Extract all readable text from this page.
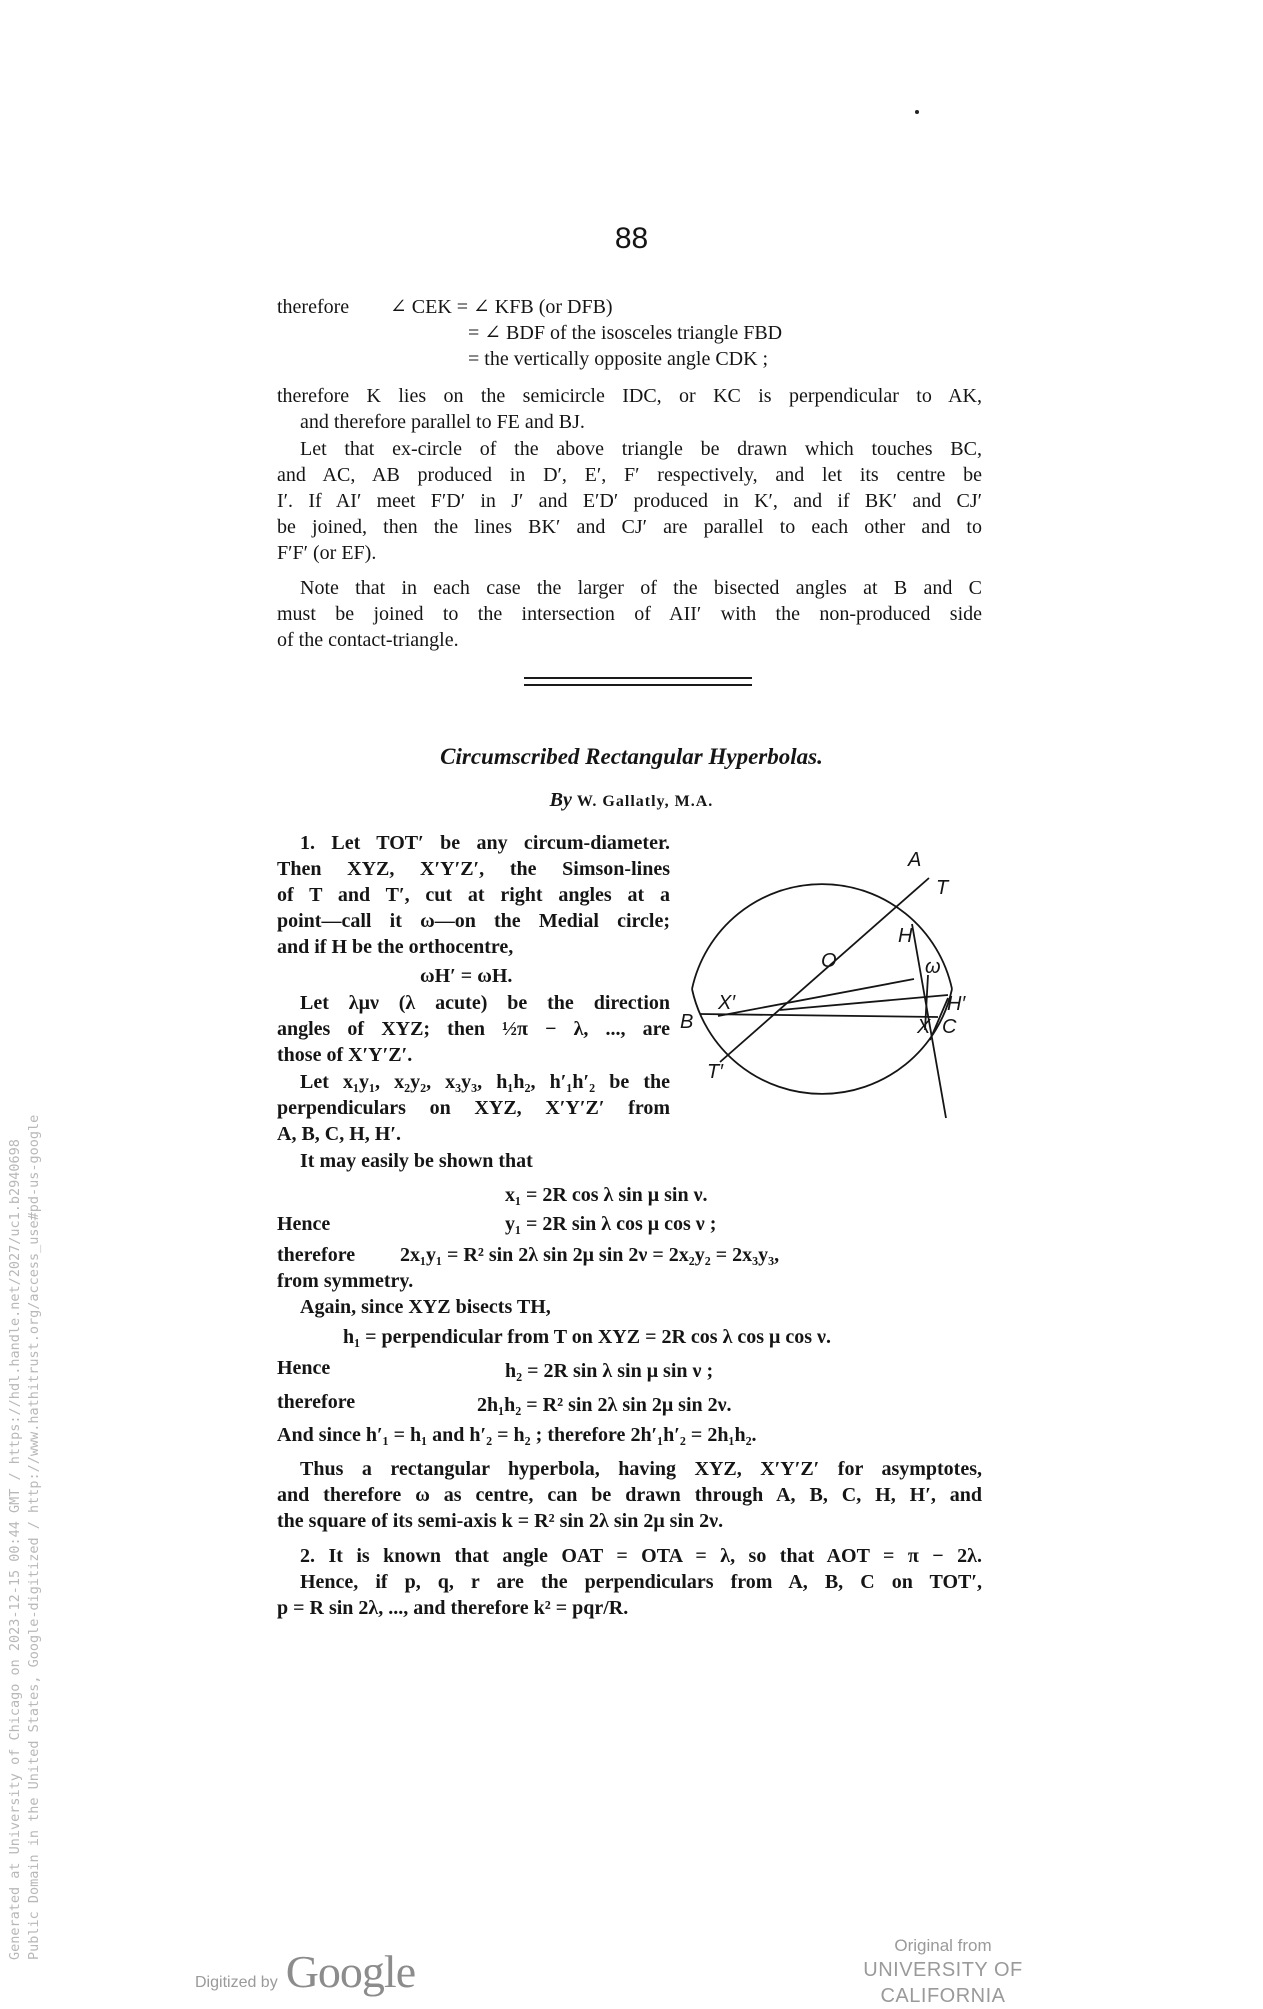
88
therefore ∠ CEK = ∠ KFB (or DFB)
= ∠ BDF of the isosceles triangle FBD
= the vertically opposite angle CDK ;
therefore K lies on the semicircle IDC, or KC is perpendicular to AK,
and therefore parallel to FE and BJ.
Let that ex-circle of the above triangle be drawn which touches BC,
and AC, AB produced in D′, E′, F′ respectively, and let its centre be
I′. If AI′ meet F′D′ in J′ and E′D′ produced in K′, and if BK′ and CJ′
be joined, then the lines BK′ and CJ′ are parallel to each other and to
F′F′ (or EF).
Note that in each case the larger of the bisected angles at B and C
must be joined to the intersection of AII′ with the non-produced side
of the contact-triangle.
Circumscribed Rectangular Hyperbolas.
By W. Gallatly, M.A.
1. Let TOT′ be any circum-diameter.
Then XYZ, X′Y′Z′, the Simson-lines
of T and T′, cut at right angles at a
point—call it ω—on the Medial circle;
and if H be the orthocentre,
ωH′ = ωH.
Let λμν (λ acute) be the direction
angles of XYZ; then ½π − λ, ..., are
those of X′Y′Z′.
Let x₁y₁, x₂y₂, x₃y₃, h₁h₂, h′₁h′₂ be the
perpendiculars on XYZ, X′Y′Z′ from
A, B, C, H, H′.
A
T
H
O	ω
X′	H′
B	X C
T′
It may easily be shown that
x₁ = 2R cos λ sin μ sin ν.
Hence	y₁ = 2R sin λ cos μ cos ν ;
therefore 2x₁y₁ = R² sin 2λ sin 2μ sin 2ν = 2x₂y₂ = 2x₃y₃,
from symmetry.
Again, since XYZ bisects TH,
h₁ = perpendicular from T on XYZ = 2R cos λ cos μ cos ν.
Hence	h₂ = 2R sin λ sin μ sin ν ;
therefore	2h₁h₂ = R² sin 2λ sin 2μ sin 2ν.
And since h′₁ = h₁ and h′₂ = h₂ ; therefore 2h′₁h′₂ = 2h₁h₂.
Thus a rectangular hyperbola, having XYZ, X′Y′Z′ for asymptotes,
and therefore ω as centre, can be drawn through A, B, C, H, H′, and
the square of its semi-axis k = R² sin 2λ sin 2μ sin 2ν.
2. It is known that angle OAT = OTA = λ, so that AOT = π − 2λ.
Hence, if p, q, r are the perpendiculars from A, B, C on TOT′,
p = R sin 2λ, ..., and therefore k² = pqr/R.
Generated at University of Chicago on 2023-12-15 00:44 GMT / https://hdl.handle.net/2027/uc1.b2940698 Public Domain in the United States, Google-digitized / http://www.hathitrust.org/access_use#pd-us-google
Digitized by Google
Original from
UNIVERSITY OF CALIFORNIA
